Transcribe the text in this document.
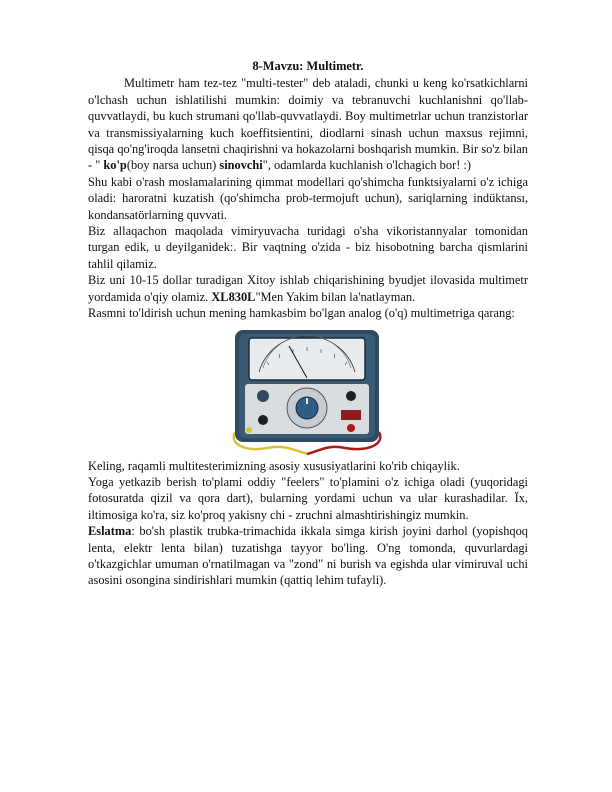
8-Mavzu: Multimetr.

Multimetr ham tez-tez "multi-tester" deb ataladi, chunki u keng ko'rsatkichlarni o'lchash uchun ishlatilishi mumkin: doimiy va tebranuvchi kuchlanishni qo'llab-quvvatlaydi, bu kuch strumani qo'llab-quvvatlaydi. Boy multimetrlar uchun tranzistorlar va transmissiyalarning kuch koeffitsientini, diodlarni sinash uchun maxsus rejimni, qisqa qo'ng'iroqda lansetni chaqirishni va hokazolarni boshqarish mumkin. Bir so'z bilan - " ko'p(boy narsa uchun) sinovchi", odamlarda kuchlanish o'lchagich bor! :)

Shu kabi o'rash moslamalarining qimmat modellari qo'shimcha funktsiyalarni o'z ichiga oladi: haroratni kuzatish (qo'shimcha prob-termojuft uchun), sariqlarning indüktansı, kondansatörlarning quvvati.

Biz allaqachon maqolada vimiryuvacha turidagi o'sha vikoristannyalar tomonidan turgan edik, u deyilganidek:. Bir vaqtning o'zida - biz hisobotning barcha qismlarini tahlil qilamiz.

Biz uni 10-15 dollar turadigan Xitoy ishlab chiqarishining byudjet ilovasida multimetr yordamida o'qiy olamiz. XL830L"Men Yakim bilan la'natlayman.

Rasmni to'ldirish uchun mening hamkasbim bo'lgan analog (o'q) multimetriga qarang:

Keling, raqamli multitesterimizning asosiy xususiyatlarini ko'rib chiqaylik.

Yoga yetkazib berish to'plami oddiy "feelers" to'plamini o'z ichiga oladi (yuqoridagi fotosuratda qizil va qora dart), bularning yordami uchun va ular kurashadilar. Їx, iltimosiga ko'ra, siz ko'proq yakisny chi - zruchni almashtirishingiz mumkin.

Eslatma: bo'sh plastik trubka-trimachida ikkala simga kirish joyini darhol (yopishqoq lenta, elektr lenta bilan) tuzatishga tayyor bo'ling. O'ng tomonda, quvurlardagi o'tkazgichlar umuman o'rnatilmagan va "zond" ni burish va egishda ular vimiruval uchi asosini osongina sindirishlari mumkin (qattiq lehim tufayli).
